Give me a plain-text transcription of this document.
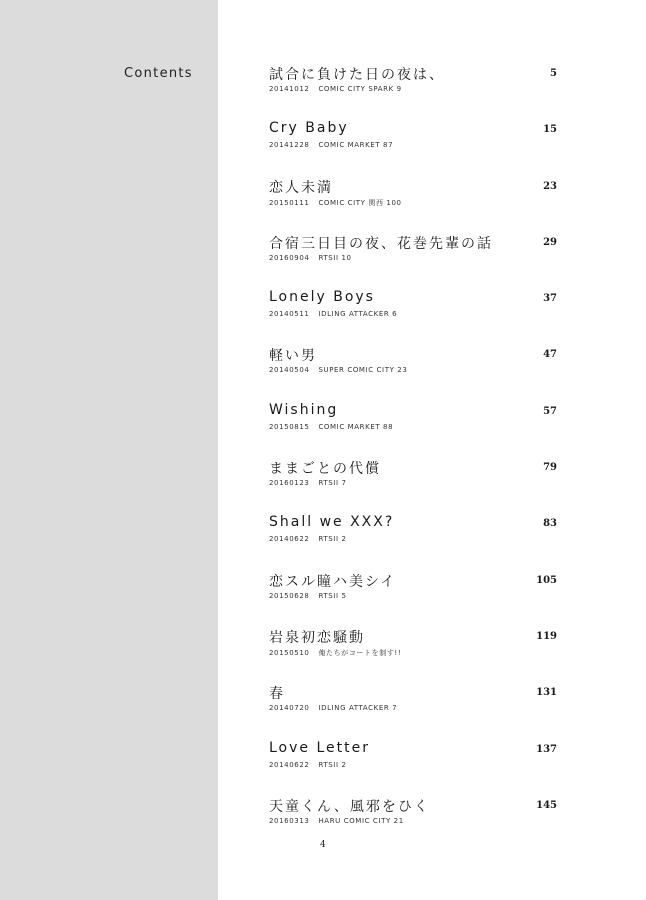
Contents	試合に負けた日の夜は、
20141012 COMIC CITY SPARK 9
5
Cry Baby
20141228 COMIC MARKET 87
15
恋人未満
20150111 COMIC CITY 関西 100
23
合宿三日目の夜、花巻先輩の話
20160904 RTSII 10
29
Lonely Boys
20140511 IDLING ATTACKER 6
37
軽い男
20140504 SUPER COMIC CITY 23
47
Wishing
20150815 COMIC MARKET 88
57
ままごとの代償
20160123 RTSII 7
79
Shall we XXX?
20140622 RTSII 2
83
恋スル瞳ハ美シイ
20150628 RTSII 5
105
岩泉初恋騒動
20150510 俺たちがコートを制す!!
119
春
20140720 IDLING ATTACKER 7
131
Love Letter
20140622 RTSII 2
137
天童くん、風邪をひく
20160313 HARU COMIC CITY 21
145
4
